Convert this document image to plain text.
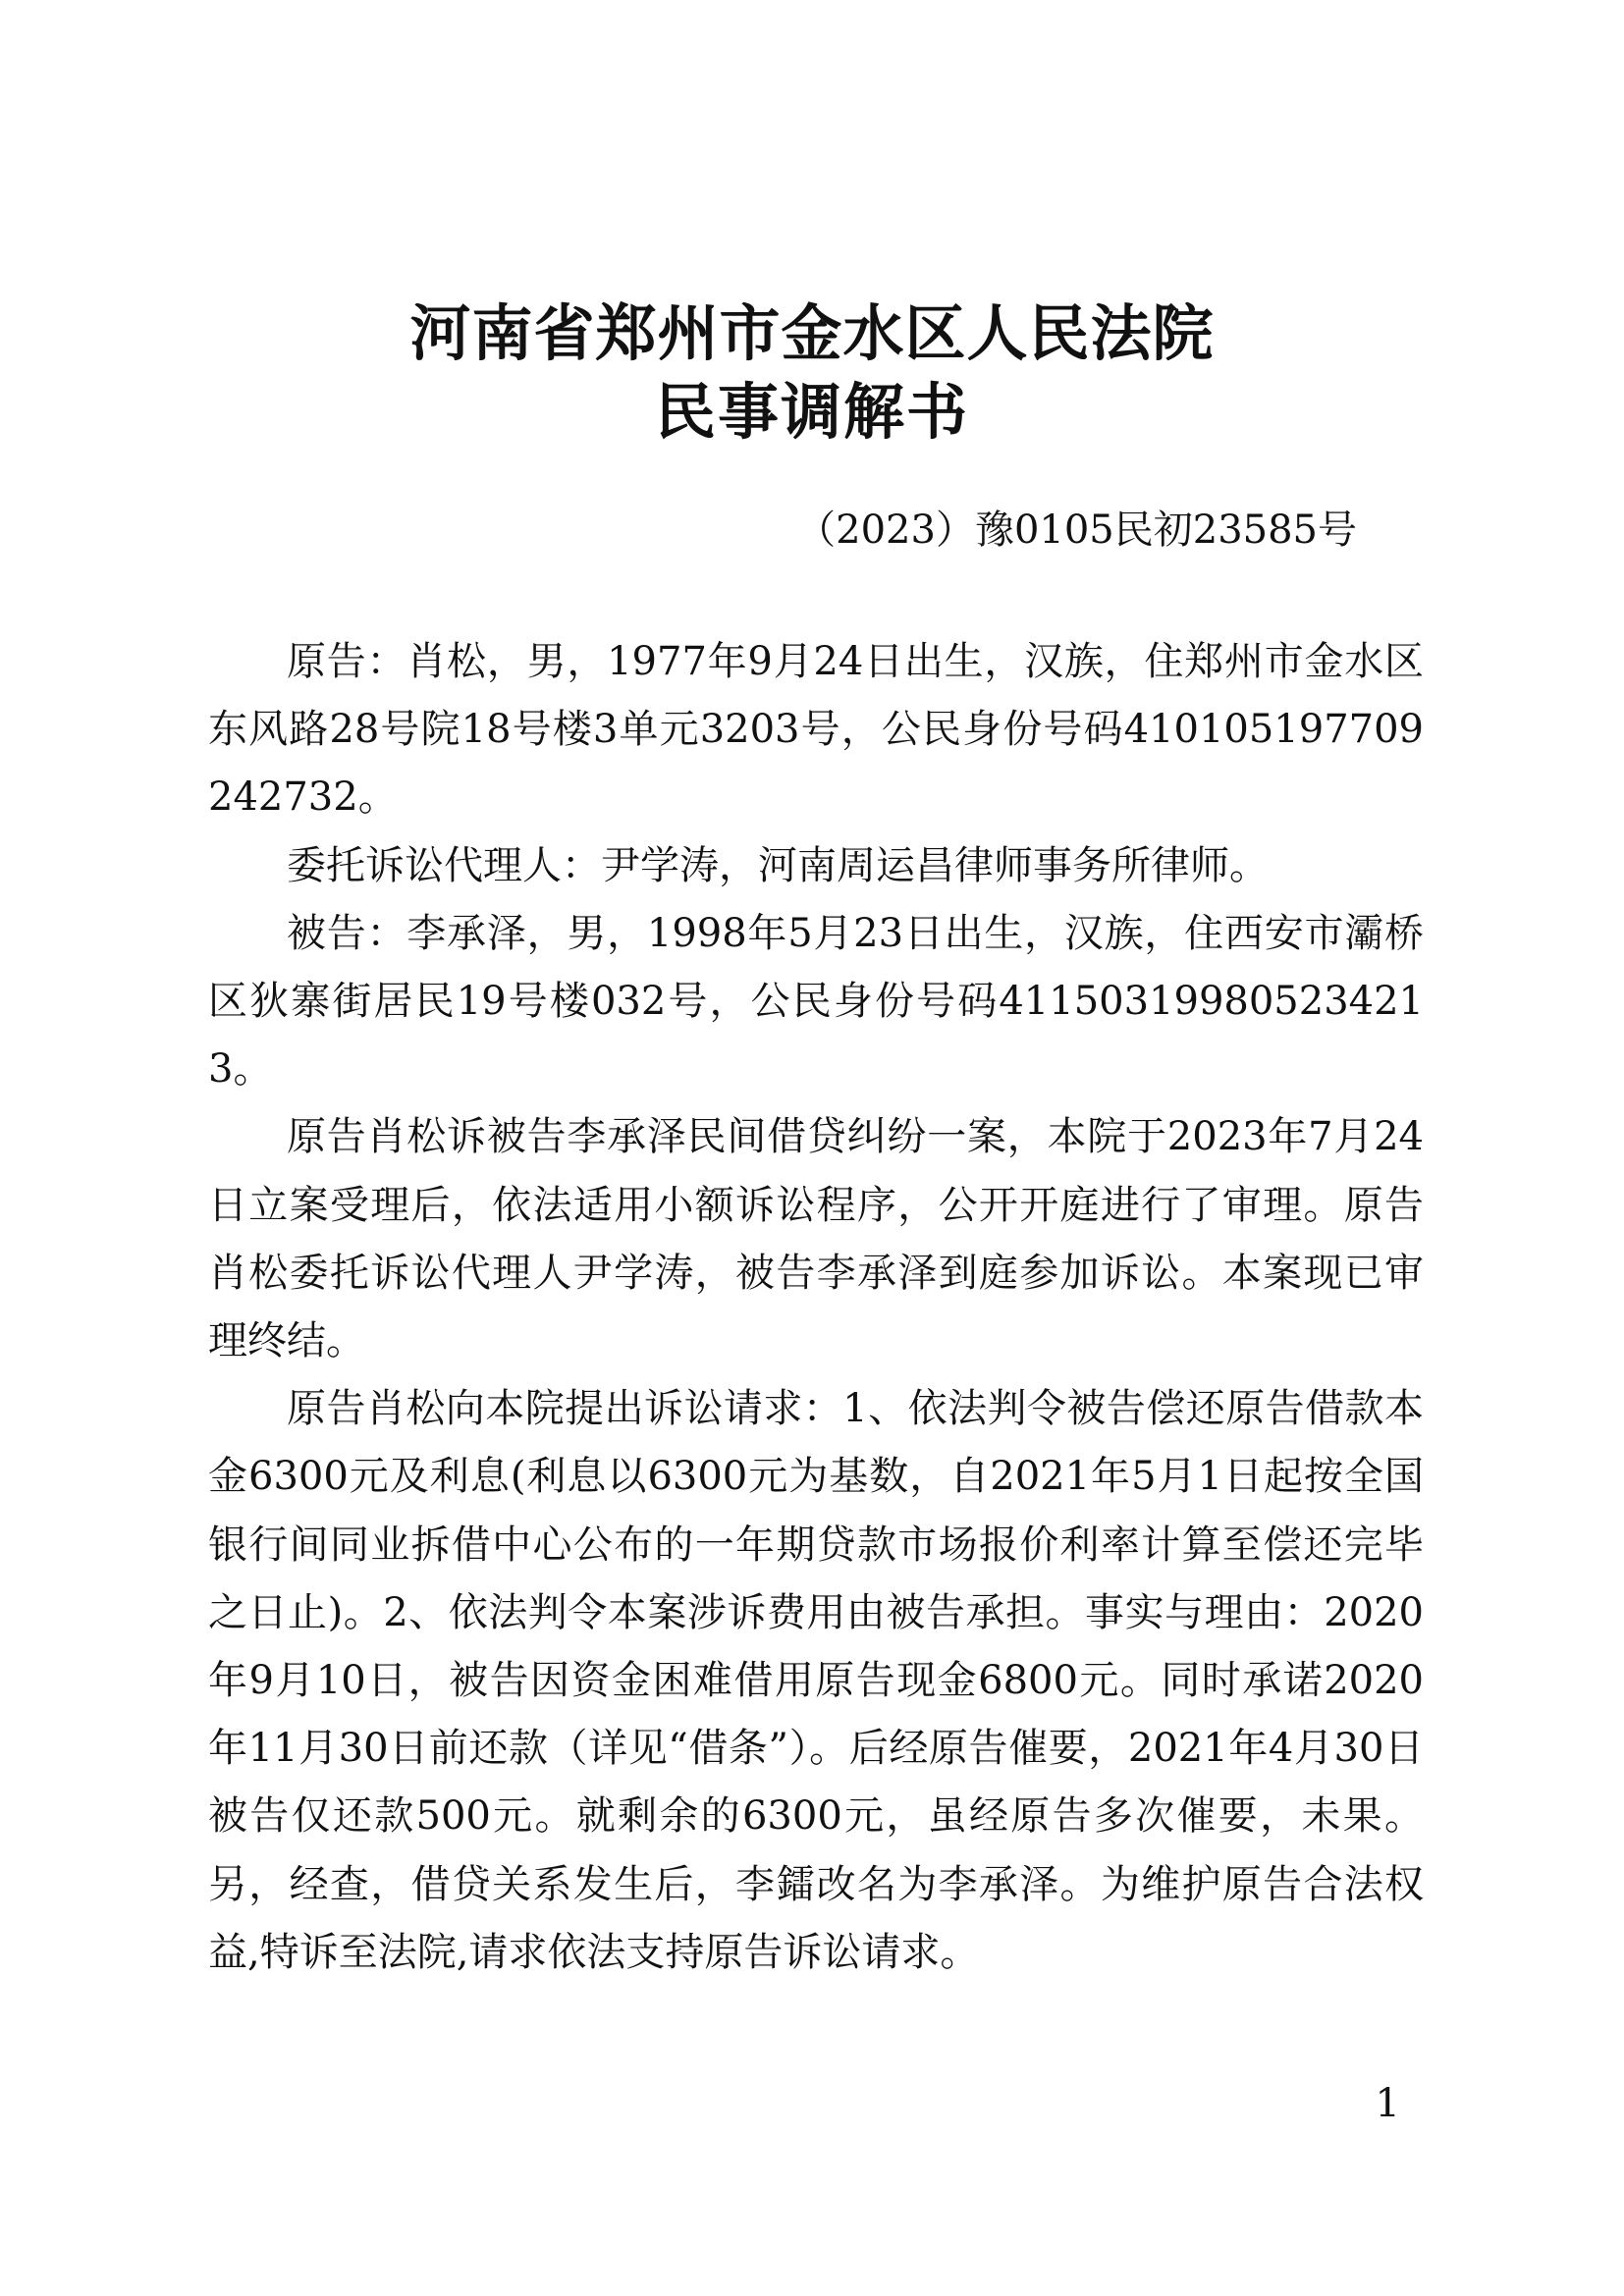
河南省郑州市金水区人民法院
民事调解书
（2023）豫0105民初23585号

原告：肖松，男，1977年9月24日出生，汉族，住郑州市金水区东风路28号院18号楼3单元3203号，公民身份号码410105197709242732。

委托诉讼代理人：尹学涛，河南周运昌律师事务所律师。

被告：李承泽，男，1998年5月23日出生，汉族，住西安市灞桥区狄寨街居民19号楼032号，公民身份号码411503199805234213。

原告肖松诉被告李承泽民间借贷纠纷一案，本院于2023年7月24日立案受理后，依法适用小额诉讼程序，公开开庭进行了审理。原告肖松委托诉讼代理人尹学涛，被告李承泽到庭参加诉讼。本案现已审理终结。

原告肖松向本院提出诉讼请求：1、依法判令被告偿还原告借款本金6300元及利息(利息以6300元为基数，自2021年5月1日起按全国银行间同业拆借中心公布的一年期贷款市场报价利率计算至偿还完毕之日止)。2、依法判令本案涉诉费用由被告承担。事实与理由：2020年9月10日，被告因资金困难借用原告现金6800元。同时承诺2020年11月30日前还款（详见“借条”）。后经原告催要，2021年4月30日被告仅还款500元。就剩余的6300元，虽经原告多次催要，未果。另，经查，借贷关系发生后，李鐳改名为李承泽。为维护原告合法权益,特诉至法院,请求依法支持原告诉讼请求。

1
